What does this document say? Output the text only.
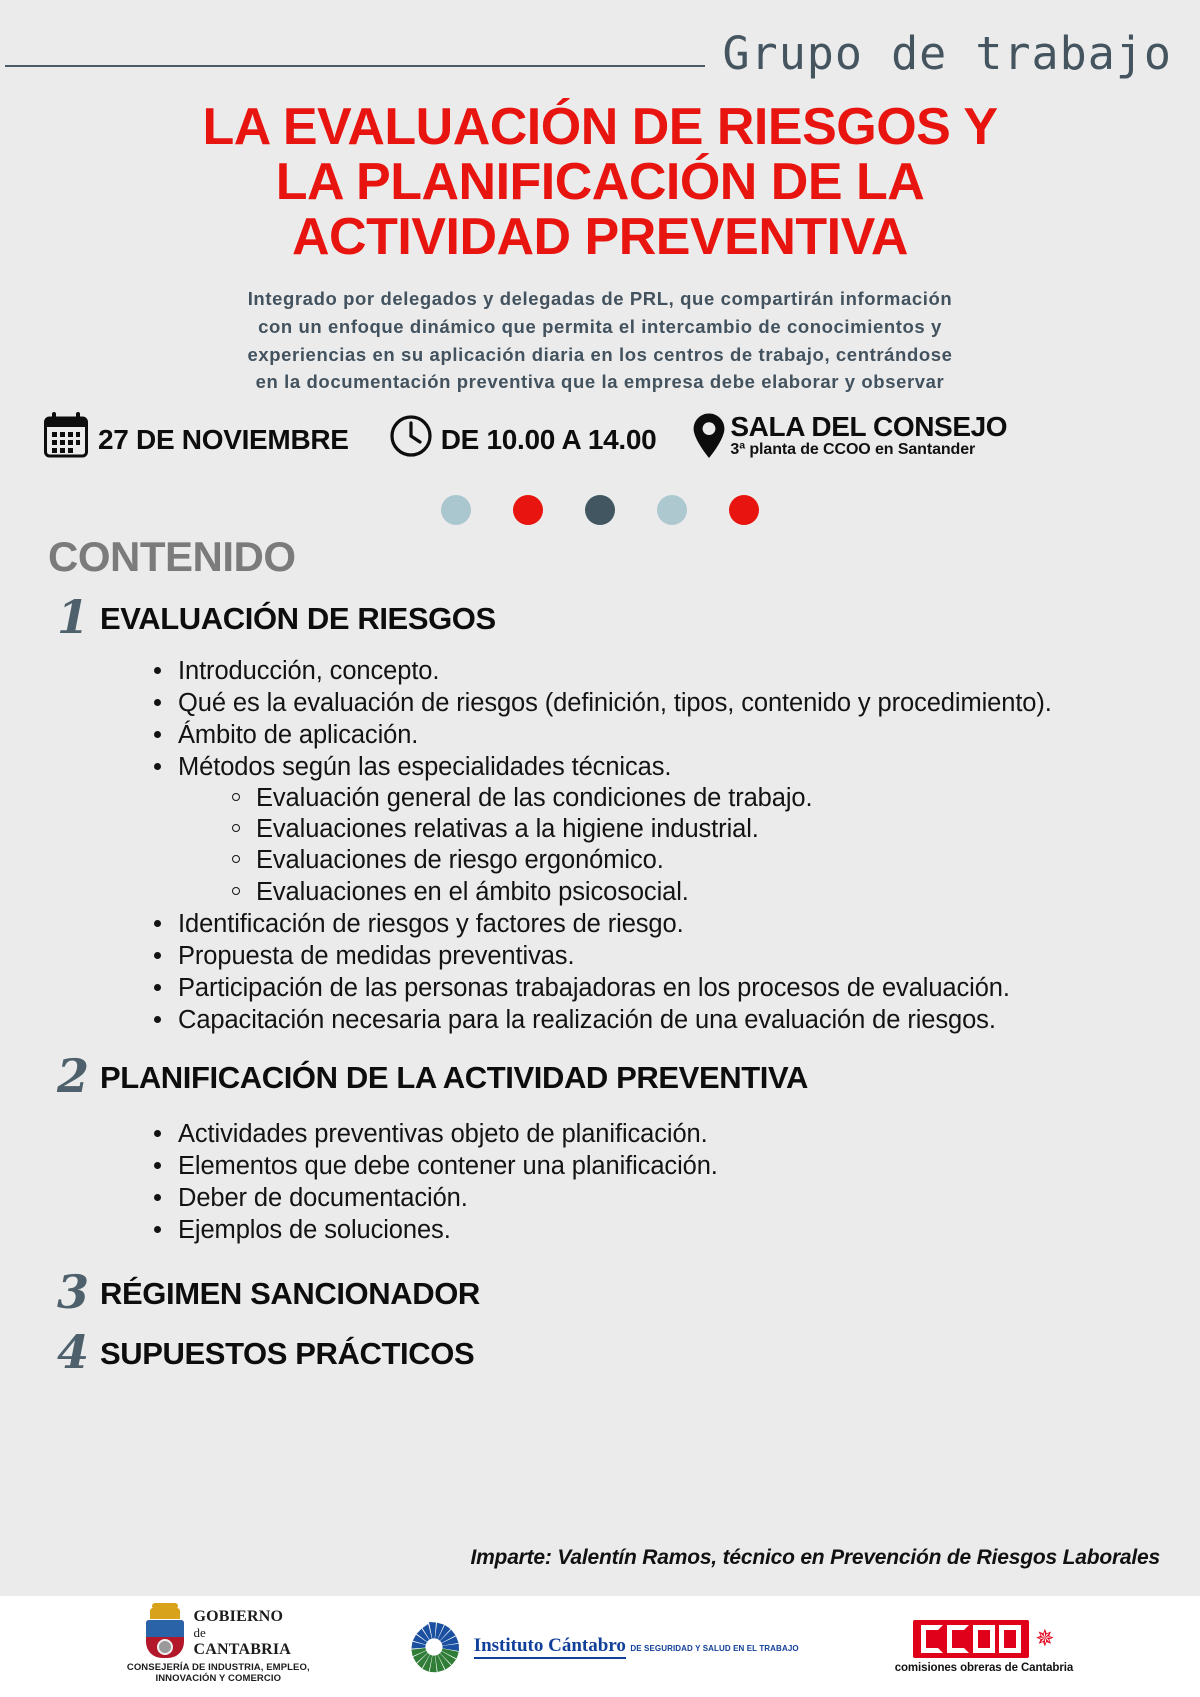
Grupo de trabajo
LA EVALUACIÓN DE RIESGOS Y
LA PLANIFICACIÓN DE LA
ACTIVIDAD PREVENTIVA
Integrado por delegados y delegadas de PRL, que compartirán información
con un enfoque dinámico que permita el intercambio de conocimientos y
experiencias en su aplicación diaria en los centros de trabajo, centrándose
en la documentación preventiva que la empresa debe elaborar y observar
27 DE NOVIEMBRE	DE 10.00 A 14.00	SALA DEL CONSEJO 3ª planta de CCOO en Santander
CONTENIDO
1 EVALUACIÓN DE RIESGOS
Introducción, concepto.
Qué es la evaluación de riesgos (definición, tipos, contenido y procedimiento).
Ámbito de aplicación.
Métodos según las especialidades técnicas.
Evaluación general de las condiciones de trabajo.
Evaluaciones relativas a la higiene industrial.
Evaluaciones de riesgo ergonómico.
Evaluaciones en el ámbito psicosocial.
Identificación de riesgos y factores de riesgo.
Propuesta de medidas preventivas.
Participación de las personas trabajadoras en los procesos de evaluación.
Capacitación necesaria para la realización de una evaluación de riesgos.
2 PLANIFICACIÓN DE LA ACTIVIDAD PREVENTIVA
Actividades preventivas objeto de planificación.
Elementos que debe contener una planificación.
Deber de documentación.
Ejemplos de soluciones.
3 RÉGIMEN SANCIONADOR
4 SUPUESTOS PRÁCTICOS
Imparte: Valentín Ramos, técnico en Prevención de Riesgos Laborales
GOBIERNO
de
CANTABRIA
CONSEJERÍA DE INDUSTRIA, EMPLEO,
INNOVACIÓN Y COMERCIO
Instituto Cántabro DE SEGURIDAD Y SALUD EN EL TRABAJO	✵
comisiones obreras de Cantabria
